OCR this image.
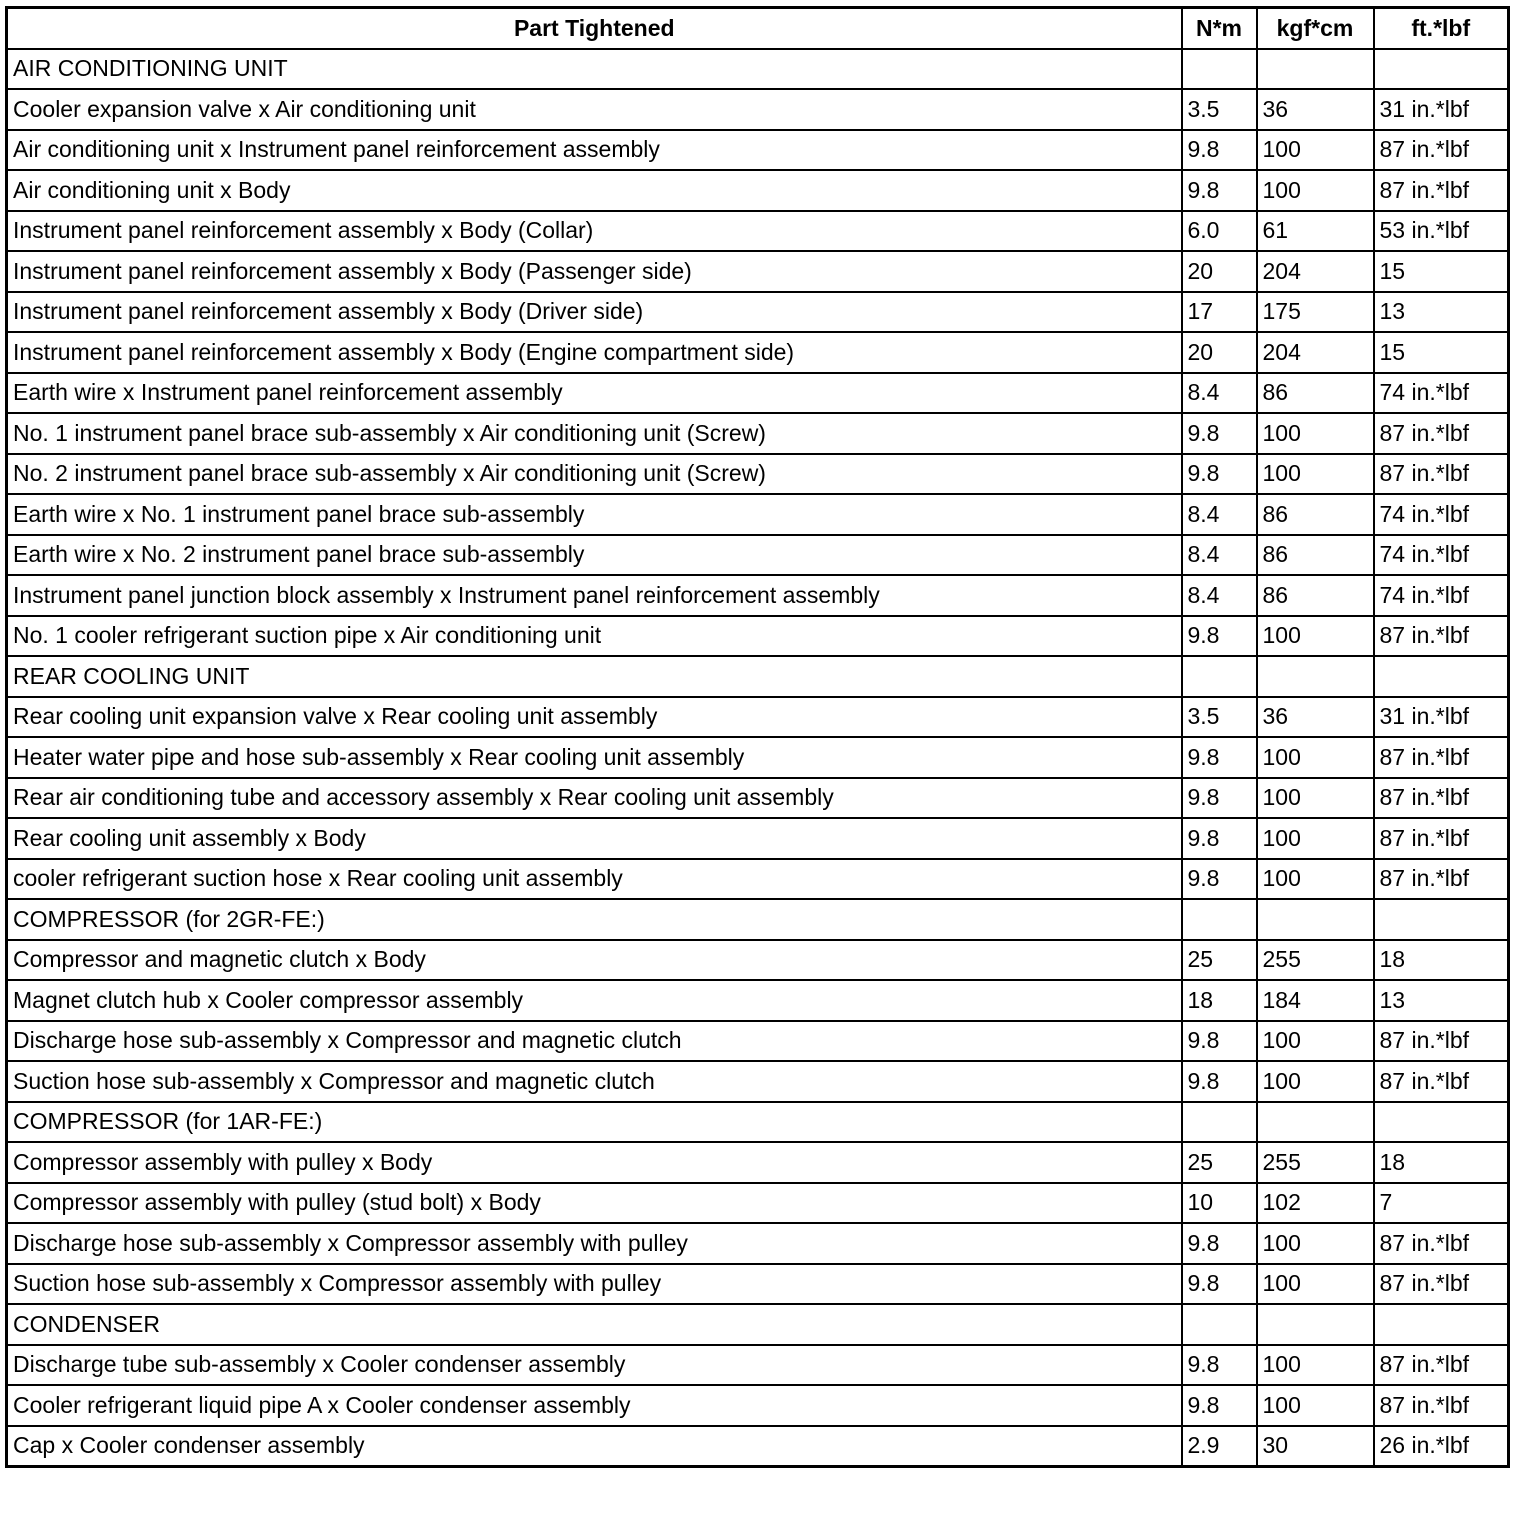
Part Tightened	N*m	kgf*cm	ft.*lbf
AIR CONDITIONING UNIT			
Cooler expansion valve x Air conditioning unit	3.5	36	31 in.*lbf
Air conditioning unit x Instrument panel reinforcement assembly	9.8	100	87 in.*lbf
Air conditioning unit x Body	9.8	100	87 in.*lbf
Instrument panel reinforcement assembly x Body (Collar)	6.0	61	53 in.*lbf
Instrument panel reinforcement assembly x Body (Passenger side)	20	204	15
Instrument panel reinforcement assembly x Body (Driver side)	17	175	13
Instrument panel reinforcement assembly x Body (Engine compartment side)	20	204	15
Earth wire x Instrument panel reinforcement assembly	8.4	86	74 in.*lbf
No. 1 instrument panel brace sub-assembly x Air conditioning unit (Screw)	9.8	100	87 in.*lbf
No. 2 instrument panel brace sub-assembly x Air conditioning unit (Screw)	9.8	100	87 in.*lbf
Earth wire x No. 1 instrument panel brace sub-assembly	8.4	86	74 in.*lbf
Earth wire x No. 2 instrument panel brace sub-assembly	8.4	86	74 in.*lbf
Instrument panel junction block assembly x Instrument panel reinforcement assembly	8.4	86	74 in.*lbf
No. 1 cooler refrigerant suction pipe x Air conditioning unit	9.8	100	87 in.*lbf
REAR COOLING UNIT			
Rear cooling unit expansion valve x Rear cooling unit assembly	3.5	36	31 in.*lbf
Heater water pipe and hose sub-assembly x Rear cooling unit assembly	9.8	100	87 in.*lbf
Rear air conditioning tube and accessory assembly x Rear cooling unit assembly	9.8	100	87 in.*lbf
Rear cooling unit assembly x Body	9.8	100	87 in.*lbf
cooler refrigerant suction hose x Rear cooling unit assembly	9.8	100	87 in.*lbf
COMPRESSOR (for 2GR-FE:)			
Compressor and magnetic clutch x Body	25	255	18
Magnet clutch hub x Cooler compressor assembly	18	184	13
Discharge hose sub-assembly x Compressor and magnetic clutch	9.8	100	87 in.*lbf
Suction hose sub-assembly x Compressor and magnetic clutch	9.8	100	87 in.*lbf
COMPRESSOR (for 1AR-FE:)			
Compressor assembly with pulley x Body	25	255	18
Compressor assembly with pulley (stud bolt) x Body	10	102	7
Discharge hose sub-assembly x Compressor assembly with pulley	9.8	100	87 in.*lbf
Suction hose sub-assembly x Compressor assembly with pulley	9.8	100	87 in.*lbf
CONDENSER			
Discharge tube sub-assembly x Cooler condenser assembly	9.8	100	87 in.*lbf
Cooler refrigerant liquid pipe A x Cooler condenser assembly	9.8	100	87 in.*lbf
Cap x Cooler condenser assembly	2.9	30	26 in.*lbf
